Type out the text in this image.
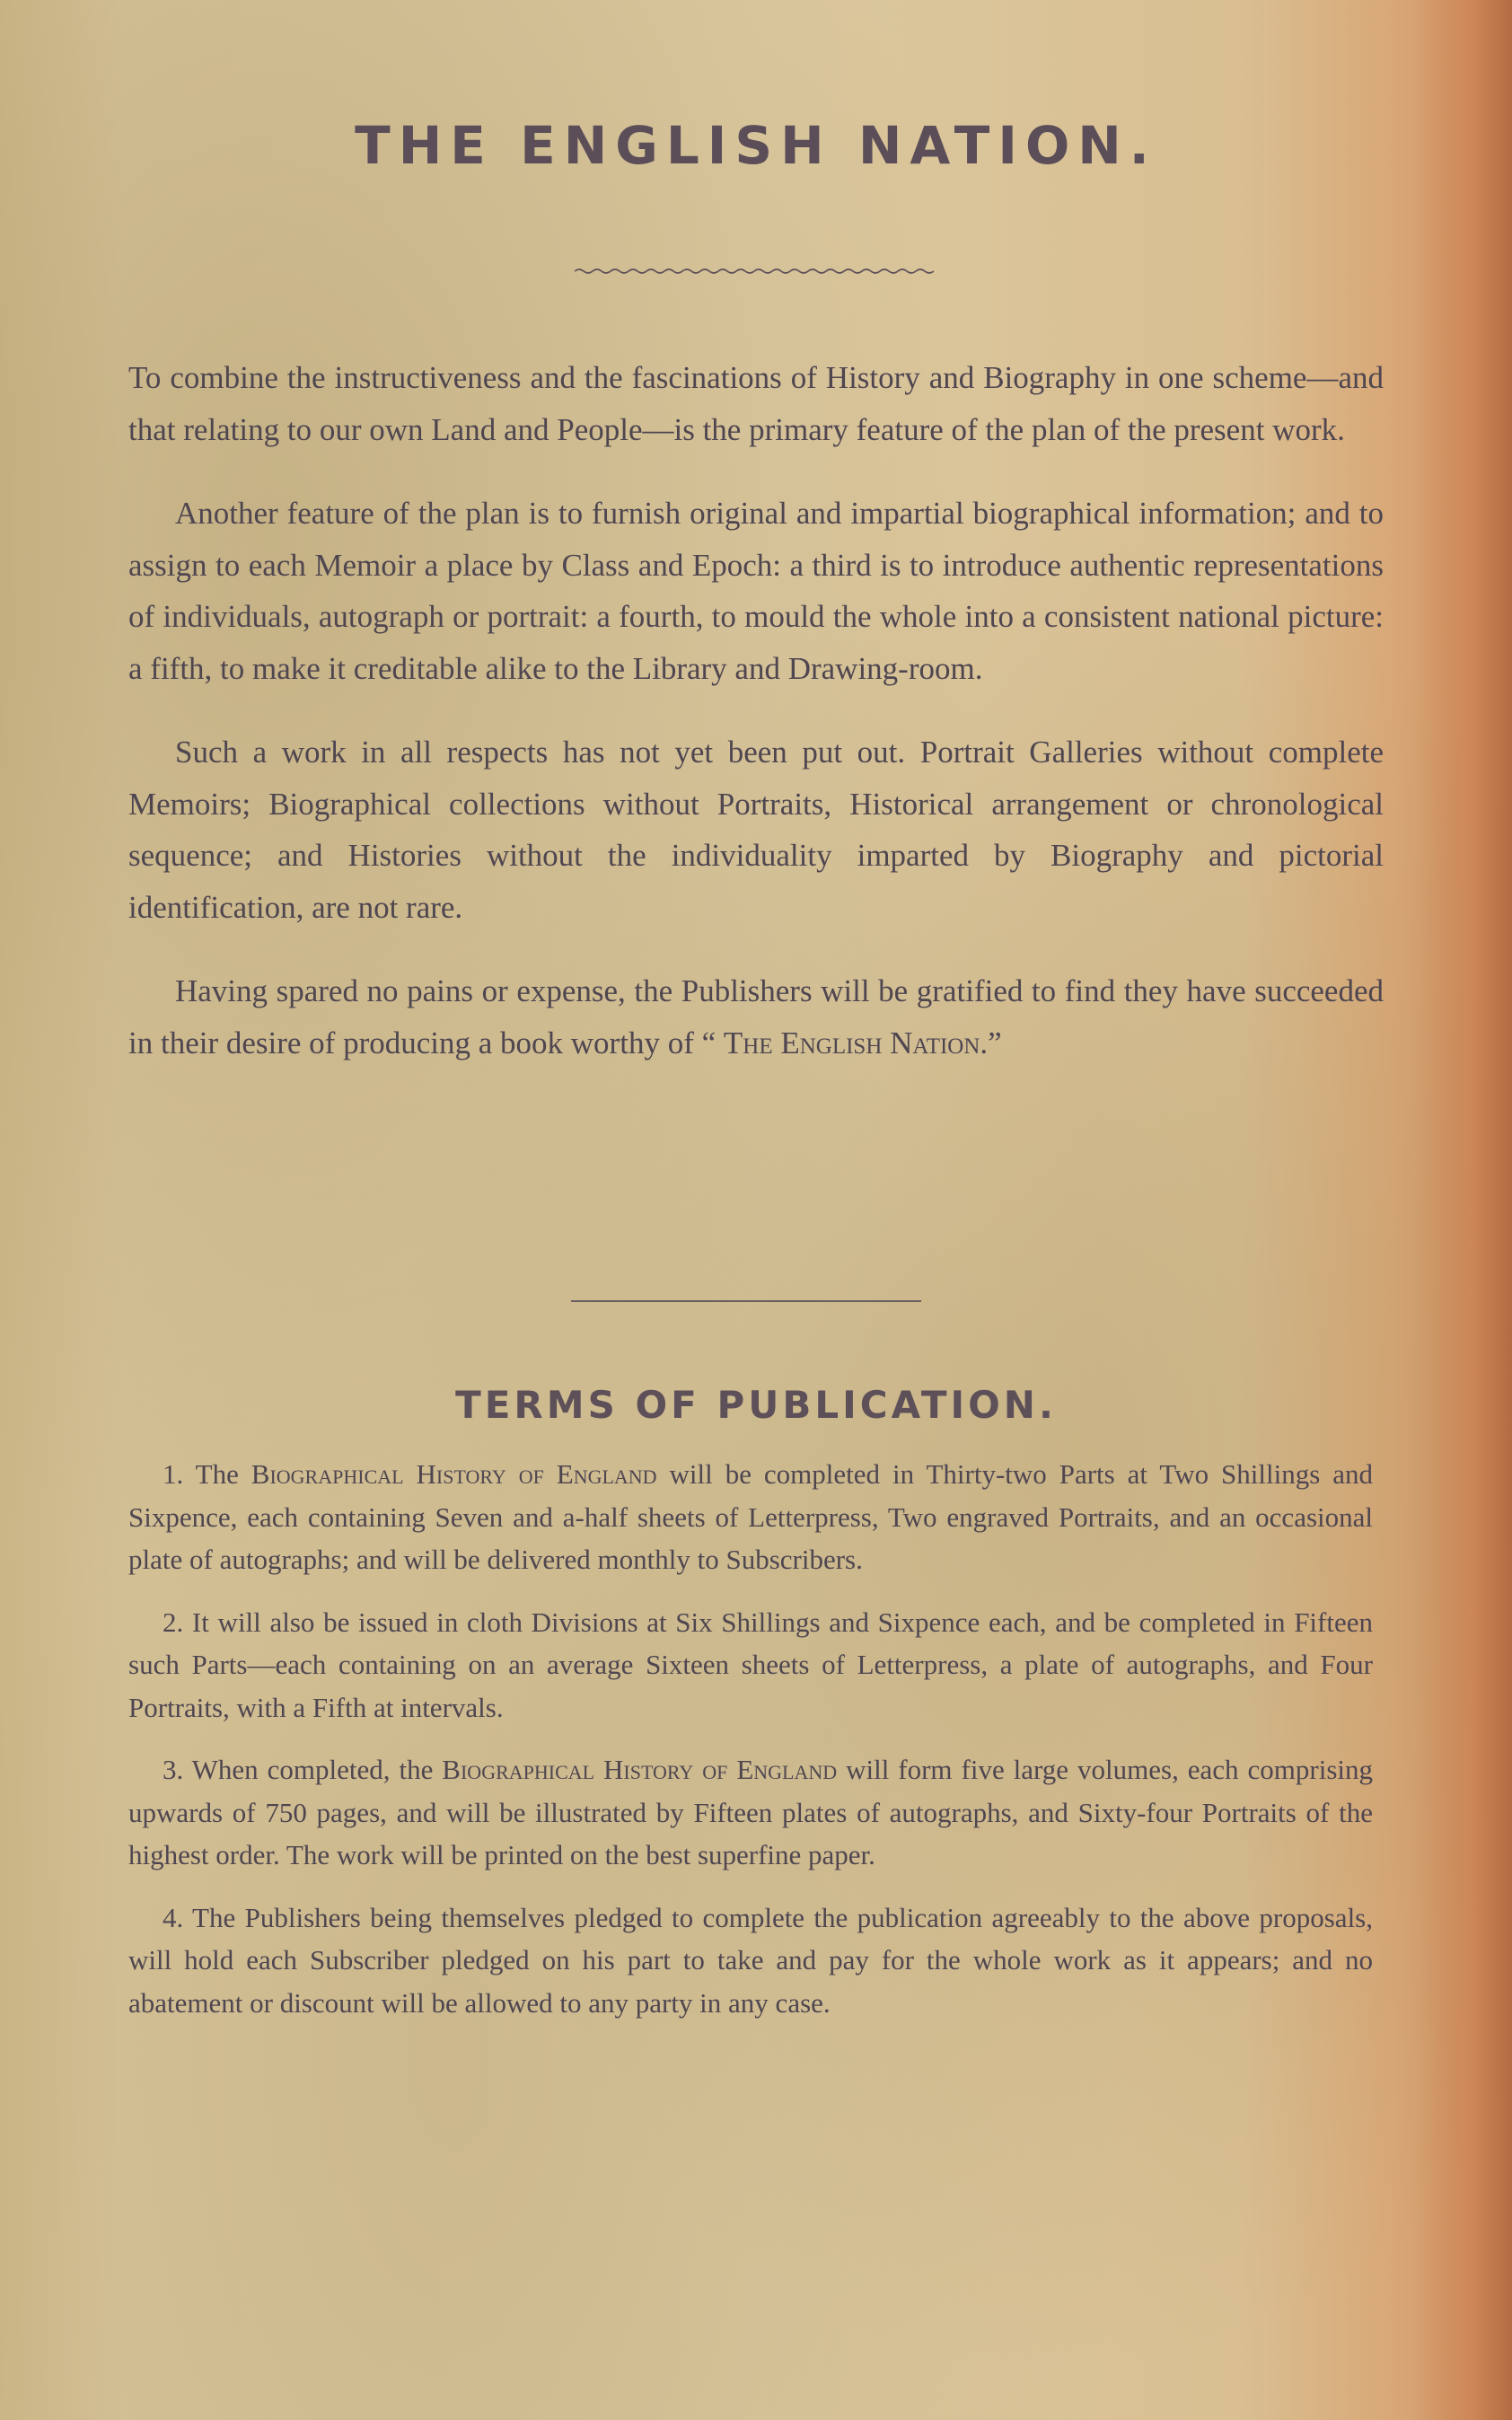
THE ENGLISH NATION.

To combine the instructiveness and the fascinations of History and Biography in one scheme—and that relating to our own Land and People—is the primary feature of the plan of the present work.

Another feature of the plan is to furnish original and impartial biographical information; and to assign to each Memoir a place by Class and Epoch: a third is to introduce authentic representations of individuals, autograph or portrait: a fourth, to mould the whole into a consistent national picture: a fifth, to make it creditable alike to the Library and Drawing-room.

Such a work in all respects has not yet been put out. Portrait Galleries without complete Memoirs; Biographical collections without Portraits, Historical arrangement or chronological sequence; and Histories without the individuality imparted by Biography and pictorial identification, are not rare.

Having spared no pains or expense, the Publishers will be gratified to find they have succeeded in their desire of producing a book worthy of “ The English Nation.”

TERMS OF PUBLICATION.

1. The Biographical History of England will be completed in Thirty-two Parts at Two Shillings and Sixpence, each containing Seven and a-half sheets of Letterpress, Two engraved Portraits, and an occasional plate of autographs; and will be delivered monthly to Subscribers.

2. It will also be issued in cloth Divisions at Six Shillings and Sixpence each, and be completed in Fifteen such Parts—each containing on an average Sixteen sheets of Letterpress, a plate of autographs, and Four Portraits, with a Fifth at intervals.

3. When completed, the Biographical History of England will form five large volumes, each comprising upwards of 750 pages, and will be illustrated by Fifteen plates of autographs, and Sixty-four Portraits of the highest order. The work will be printed on the best superfine paper.

4. The Publishers being themselves pledged to complete the publication agreeably to the above proposals, will hold each Subscriber pledged on his part to take and pay for the whole work as it appears; and no abatement or discount will be allowed to any party in any case.
